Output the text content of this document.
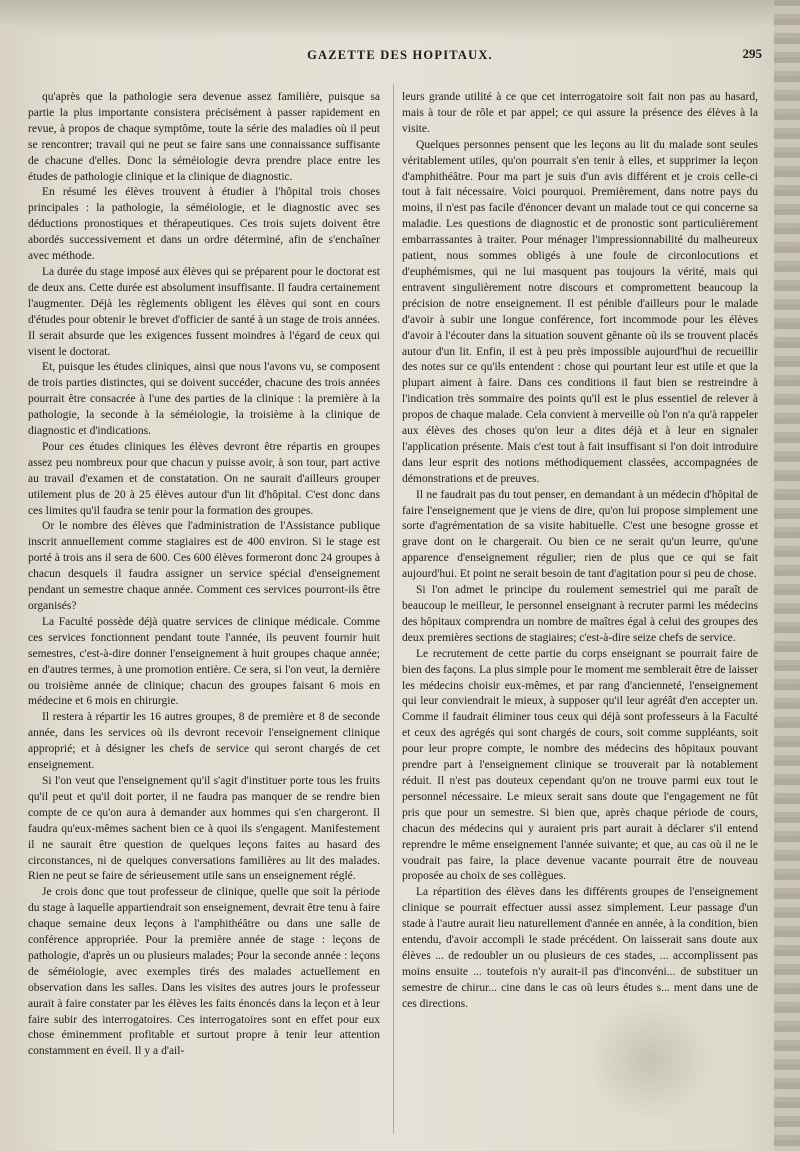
GAZETTE DES HOPITAUX.	295

qu'après que la pathologie sera devenue assez familière, puisque sa partie la plus importante consistera précisément à passer rapidement en revue, à propos de chaque symptôme, toute la série des maladies où il peut se rencontrer; travail qui ne peut se faire sans une connaissance suffisante de chacune d'elles. Donc la séméiologie devra prendre place entre les études de pathologie clinique et la clinique de diagnostic.

En résumé les élèves trouvent à étudier à l'hôpital trois choses principales : la pathologie, la séméiologie, et le diagnostic avec ses déductions pronostiques et thérapeutiques. Ces trois sujets doivent être abordés successivement et dans un ordre déterminé, afin de s'enchaîner avec méthode.

La durée du stage imposé aux élèves qui se préparent pour le doctorat est de deux ans. Cette durée est absolument insuffisante. Il faudra certainement l'augmenter. Déjà les règlements obligent les élèves qui sont en cours d'études pour obtenir le brevet d'officier de santé à un stage de trois années. Il serait absurde que les exigences fussent moindres à l'égard de ceux qui visent le doctorat.

Et, puisque les études cliniques, ainsi que nous l'avons vu, se composent de trois parties distinctes, qui se doivent succéder, chacune des trois années pourrait être consacrée à l'une des parties de la clinique : la première à la pathologie, la seconde à la séméiologie, la troisième à la clinique de diagnostic et d'indications.

Pour ces études cliniques les élèves devront être répartis en groupes assez peu nombreux pour que chacun y puisse avoir, à son tour, part active au travail d'examen et de constatation. On ne saurait d'ailleurs grouper utilement plus de 20 à 25 élèves autour d'un lit d'hôpital. C'est donc dans ces limites qu'il faudra se tenir pour la formation des groupes.

Or le nombre des élèves que l'administration de l'Assistance publique inscrit annuellement comme stagiaires est de 400 environ. Si le stage est porté à trois ans il sera de 600. Ces 600 élèves formeront donc 24 groupes à chacun desquels il faudra assigner un service spécial d'enseignement pendant un semestre chaque année. Comment ces services pourront-ils être organisés?

La Faculté possède déjà quatre services de clinique médicale. Comme ces services fonctionnent pendant toute l'année, ils peuvent fournir huit semestres, c'est-à-dire donner l'enseignement à huit groupes chaque année; en d'autres termes, à une promotion entière. Ce sera, si l'on veut, la dernière ou troisième année de clinique; chacun des groupes faisant 6 mois en médecine et 6 mois en chirurgie.

Il restera à répartir les 16 autres groupes, 8 de première et 8 de seconde année, dans les services où ils devront recevoir l'enseignement clinique approprié; et à désigner les chefs de service qui seront chargés de cet enseignement.

Si l'on veut que l'enseignement qu'il s'agit d'instituer porte tous les fruits qu'il peut et qu'il doit porter, il ne faudra pas manquer de se rendre bien compte de ce qu'on aura à demander aux hommes qui s'en chargeront. Il faudra qu'eux-mêmes sachent bien ce à quoi ils s'engagent. Manifestement il ne saurait être question de quelques leçons faites au hasard des circonstances, ni de quelques conversations familières au lit des malades. Rien ne peut se faire de sérieusement utile sans un enseignement réglé.

Je crois donc que tout professeur de clinique, quelle que soit la période du stage à laquelle appartiendrait son enseignement, devrait être tenu à faire chaque semaine deux leçons à l'amphithéâtre ou dans une salle de conférence appropriée. Pour la première année de stage : leçons de pathologie, d'après un ou plusieurs malades; Pour la seconde année : leçons de séméiologie, avec exemples tirés des malades actuellement en observation dans les salles. Dans les visites des autres jours le professeur aurait à faire constater par les élèves les faits énoncés dans la leçon et à leur faire subir des interrogatoires. Ces interrogatoires sont en effet pour eux chose éminemment profitable et surtout propre à tenir leur attention constamment en éveil. Il y a d'ail-

leurs grande utilité à ce que cet interrogatoire soit fait non pas au hasard, mais à tour de rôle et par appel; ce qui assure la présence des élèves à la visite.

Quelques personnes pensent que les leçons au lit du malade sont seules véritablement utiles, qu'on pourrait s'en tenir à elles, et supprimer la leçon d'amphithéâtre. Pour ma part je suis d'un avis différent et je crois celle-ci tout à fait nécessaire. Voici pourquoi. Premièrement, dans notre pays du moins, il n'est pas facile d'énoncer devant un malade tout ce qui concerne sa maladie. Les questions de diagnostic et de pronostic sont particulièrement embarrassantes à traiter. Pour ménager l'impressionnabilité du malheureux patient, nous sommes obligés à une foule de circonlocutions et d'euphémismes, qui ne lui masquent pas toujours la vérité, mais qui entravent singulièrement notre discours et compromettent beaucoup la précision de notre enseignement. Il est pénible d'ailleurs pour le malade d'avoir à subir une longue conférence, fort incommode pour les élèves d'avoir à l'écouter dans la situation souvent gênante où ils se trouvent placés autour d'un lit. Enfin, il est à peu près impossible aujourd'hui de recueillir des notes sur ce qu'ils entendent : chose qui pourtant leur est utile et que la plupart aiment à faire. Dans ces conditions il faut bien se restreindre à l'indication très sommaire des points qu'il est le plus essentiel de relever à propos de chaque malade. Cela convient à merveille où l'on n'a qu'à rappeler aux élèves des choses qu'on leur a dites déjà et à leur en signaler l'application présente. Mais c'est tout à fait insuffisant si l'on doit introduire dans leur esprit des notions méthodiquement classées, accompagnées de démonstrations et de preuves.

Il ne faudrait pas du tout penser, en demandant à un médecin d'hôpital de faire l'enseignement que je viens de dire, qu'on lui propose simplement une sorte d'agrémentation de sa visite habituelle. C'est une besogne grosse et grave dont on le chargerait. Ou bien ce ne serait qu'un leurre, qu'une apparence d'enseignement régulier; rien de plus que ce qui se fait aujourd'hui. Et point ne serait besoin de tant d'agitation pour si peu de chose.

Si l'on admet le principe du roulement semestriel qui me paraît de beaucoup le meilleur, le personnel enseignant à recruter parmi les médecins des hôpitaux comprendra un nombre de maîtres égal à celui des groupes des deux premières sections de stagiaires; c'est-à-dire seize chefs de service.

Le recrutement de cette partie du corps enseignant se pourrait faire de bien des façons. La plus simple pour le moment me semblerait être de laisser les médecins choisir eux-mêmes, et par rang d'ancienneté, l'enseignement qui leur conviendrait le mieux, à supposer qu'il leur agréât d'en accepter un. Comme il faudrait éliminer tous ceux qui déjà sont professeurs à la Faculté et ceux des agrégés qui sont chargés de cours, soit comme suppléants, soit pour leur propre compte, le nombre des médecins des hôpitaux pouvant prendre part à l'enseignement clinique se trouverait par là notablement réduit. Il n'est pas douteux cependant qu'on ne trouve parmi eux tout le personnel nécessaire. Le mieux serait sans doute que l'engagement ne fût pris que pour un semestre. Si bien que, après chaque période de cours, chacun des médecins qui y auraient pris part aurait à déclarer s'il entend reprendre le même enseignement l'année suivante; et que, au cas où il ne le voudrait pas faire, la place devenue vacante pourrait être de nouveau proposée au choix de ses collègues.

La répartition des élèves dans les différents groupes de l'enseignement clinique se pourrait effectuer aussi assez simplement. Leur passage d'un stade à l'autre aurait lieu naturellement d'année en année, à la condition, bien entendu, d'avoir accompli le stade précédent. On laisserait sans doute aux élèves ... de redoubler un ou plusieurs de ces stades, ... accomplissent pas moins ensuite ... toutefois n'y aurait-il pas d'inconvéni... de substituer un semestre de chirur... cine dans le cas où leurs études s... ment dans une de ces directions.
